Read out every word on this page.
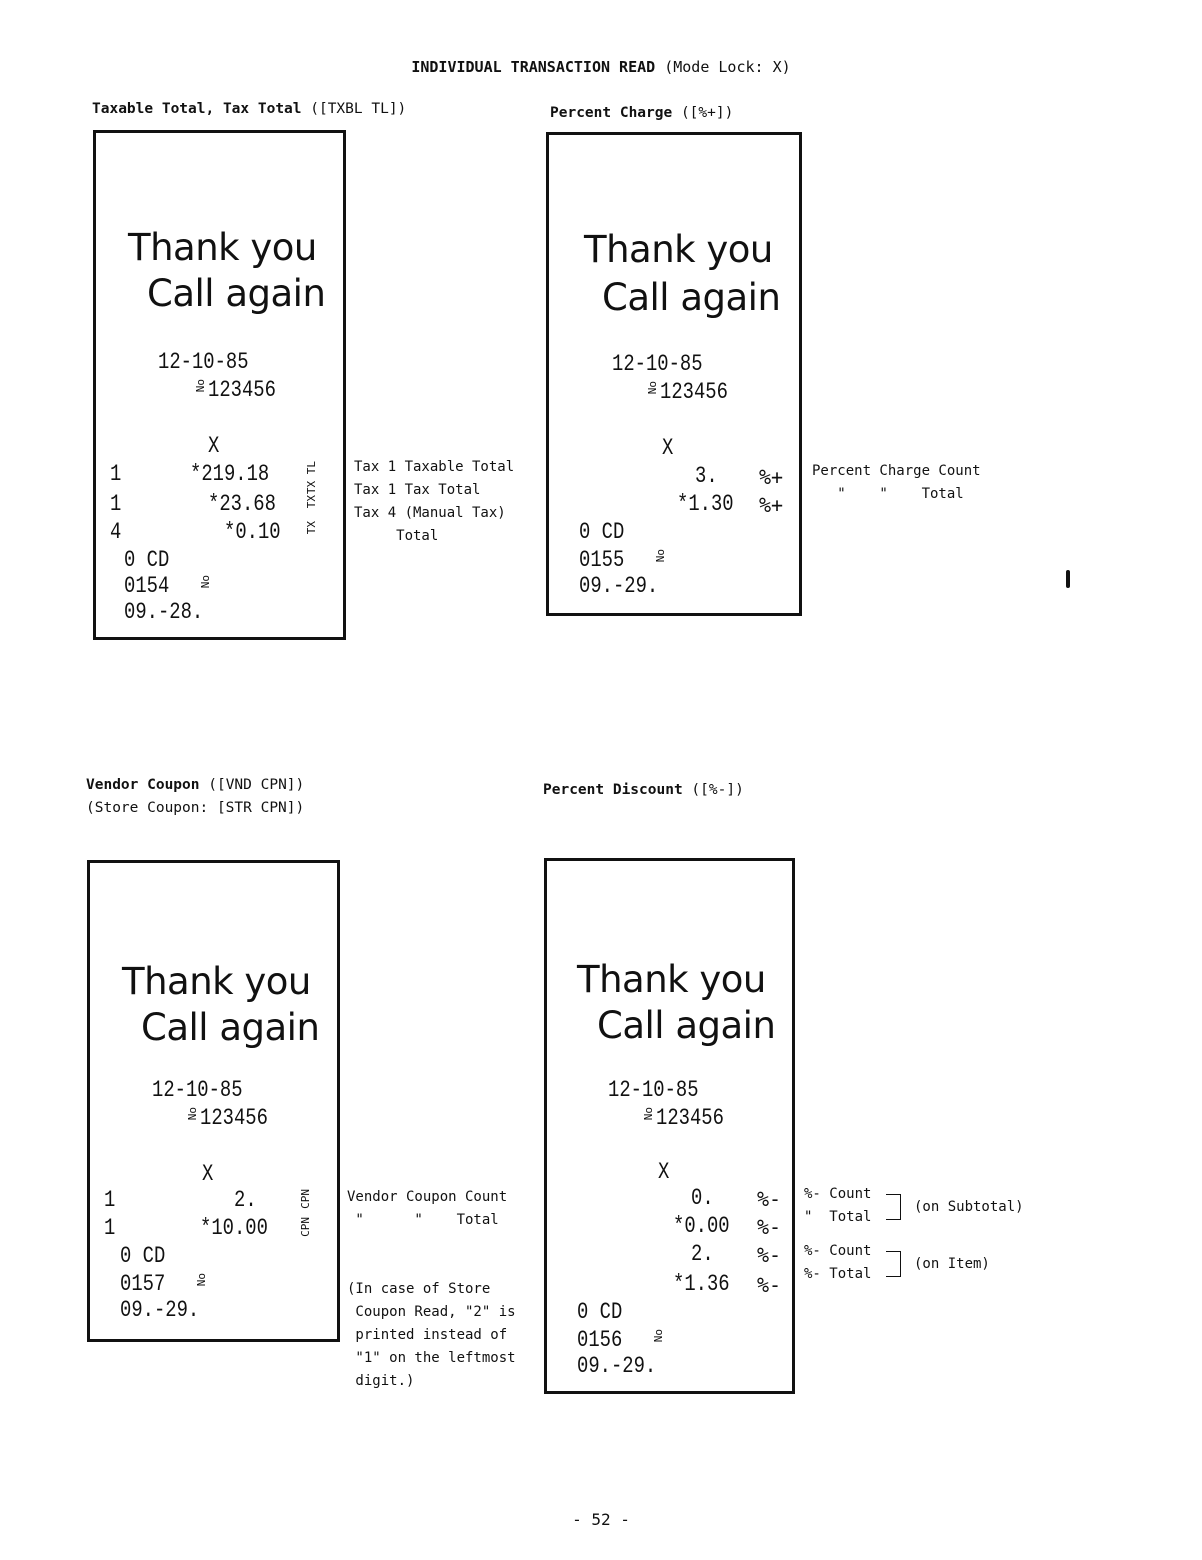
INDIVIDUAL TRANSACTION READ (Mode Lock: X)
Taxable Total, Tax Total ([TXBL TL])
Thank you
Call again
12-10-85
No 123456
X
1	*219.18	TX TL
1	*23.68	TX
4	*0.10 TX
0 CD
0154	No
09.-28.
Tax 1 Taxable Total
Tax 1 Tax Total
Tax 4 (Manual Tax)
Total
Percent Charge ([%+])
Thank you
Call again
12-10-85
No 123456
X
3. %+
*1.30 %+
0 CD
0155	No
09.-29.
Percent Charge Count
"    "    Total
Vendor Coupon ([VND CPN])
(Store Coupon: [STR CPN])
Thank you
Call again
12-10-85
No 123456
X
1	2.	CPN
1	*10.00	CPN
0 CD
0157	No
09.-29.
Vendor Coupon Count
"      "    Total
(In case of Store
Coupon Read, "2" is
printed instead of
"1" on the leftmost
digit.)
Percent Discount ([%-])
Thank you
Call again
12-10-85
No 123456
X
0. %-
*0.00 %-
2. %-
*1.36 %-
0 CD
0156	No
09.-29.
%- Count
"  Total
(on Subtotal)
%- Count
%- Total
(on Item)
- 52 -
